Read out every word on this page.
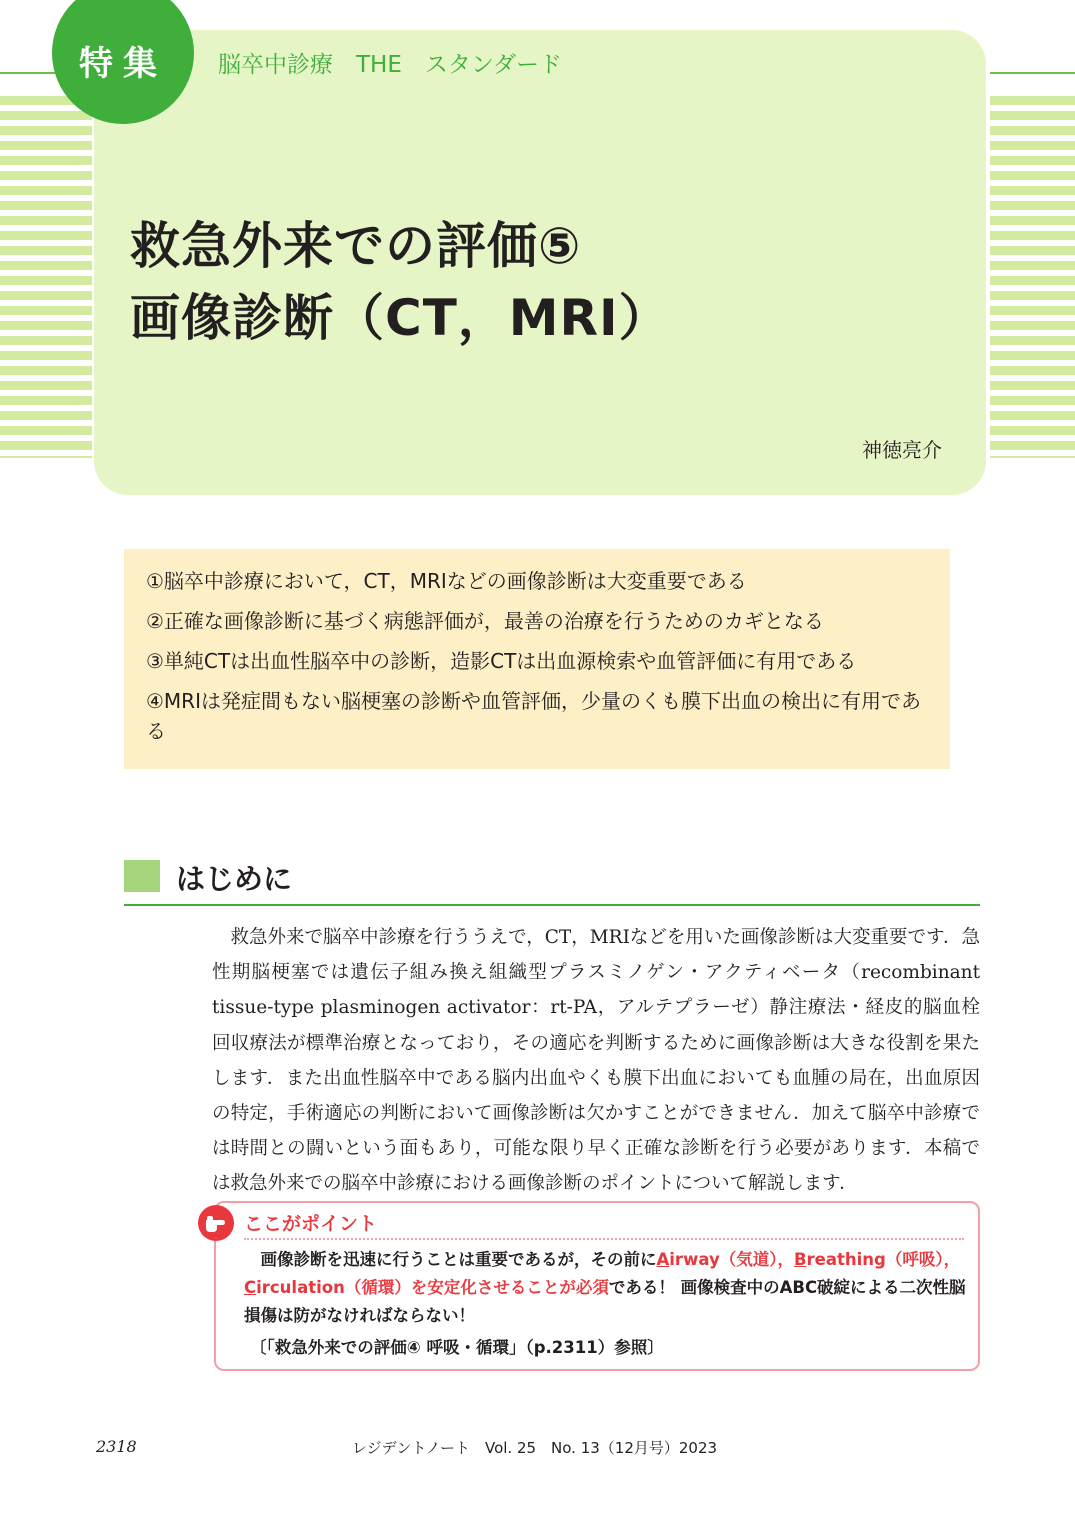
特集	脳卒中診療　THE　スタンダード
救急外来での評価⑤
画像診断（CT，MRI）
神徳亮介
①脳卒中診療において，CT，MRIなどの画像診断は大変重要である
②正確な画像診断に基づく病態評価が，最善の治療を行うためのカギとなる
③単純CTは出血性脳卒中の診断，造影CTは出血源検索や血管評価に有用である
④MRIは発症間もない脳梗塞の診断や血管評価，少量のくも膜下出血の検出に有用である
はじめに
救急外来で脳卒中診療を行ううえで，CT，MRIなどを用いた画像診断は大変重要です．急性期脳梗塞では遺伝子組み換え組織型プラスミノゲン・アクティベータ（recombinant tissue-type plasminogen activator：rt-PA，アルテプラーゼ）静注療法・経皮的脳血栓回収療法が標準治療となっており，その適応を判断するために画像診断は大きな役割を果たします．また出血性脳卒中である脳内出血やくも膜下出血においても血腫の局在，出血原因の特定，手術適応の判断において画像診断は欠かすことができません．加えて脳卒中診療では時間との闘いという面もあり，可能な限り早く正確な診断を行う必要があります．本稿では救急外来での脳卒中診療における画像診断のポイントについて解説します．
ここがポイント
 画像診断を迅速に行うことは重要であるが，その前にAirway（気道），Breathing（呼吸），Circulation（循環）を安定化させることが必須である！ 画像検査中のABC破綻による二次性脳損傷は防がなければならない！
〔「救急外来での評価④ 呼吸・循環」（p.2311）参照〕
2318	レジデントノート　Vol. 25　No. 13（12月号）2023
